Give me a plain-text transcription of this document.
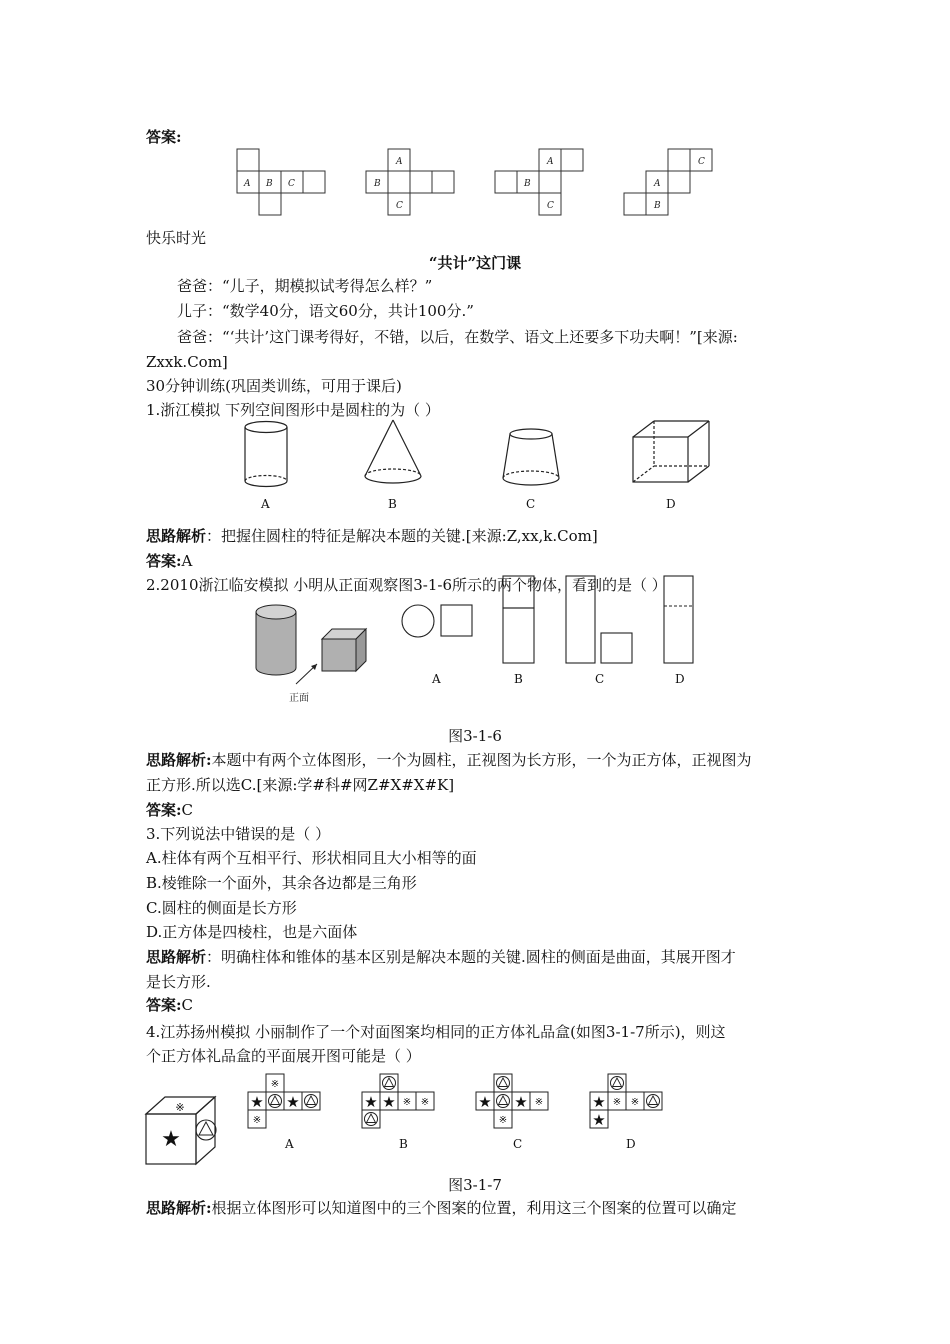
答案:
A B C
A
B
C
A
B
C
C
A
B
快乐时光
“共计”这门课
爸爸：“儿子，期模拟试考得怎么样？”
儿子：“数学40分，语文60分，共计100分.”
爸爸：“‘共计’这门课考得好，不错，以后，在数学、语文上还要多下功夫啊！”[来源:
Zxxk.Com]
30分钟训练(巩固类训练，可用于课后)
1.浙江模拟 下列空间图形中是圆柱的为（ ）
A	B	C	D
思路解析：把握住圆柱的特征是解决本题的关键.[来源:Z,xx,k.Com]
答案:A
2.2010浙江临安模拟 小明从正面观察图3-1-6所示的两个物体，看到的是（ ）
正面
A	B	C	D
图3-1-6
思路解析:本题中有两个立体图形，一个为圆柱，正视图为长方形，一个为正方体，正视图为
正方形.所以选C.[来源:学#科#网Z#X#X#K]
答案:C
3.下列说法中错误的是（ ）
A.柱体有两个互相平行、形状相同且大小相等的面
B.棱锥除一个面外，其余各边都是三角形
C.圆柱的侧面是长方形
D.正方体是四棱柱，也是六面体
思路解析：明确柱体和锥体的基本区别是解决本题的关键.圆柱的侧面是曲面，其展开图才
是长方形.
答案:C
4.江苏扬州模拟 小丽制作了一个对面图案均相同的正方体礼品盒(如图3-1-7所示)，则这
个正方体礼品盒的平面展开图可能是（ ）
★
※
※
★ ★
※
★ ★ ※ ※	★ ★ ※
※
★ ※ ※
★
A	B	C	D
图3-1-7
思路解析:根据立体图形可以知道图中的三个图案的位置，利用这三个图案的位置可以确定
